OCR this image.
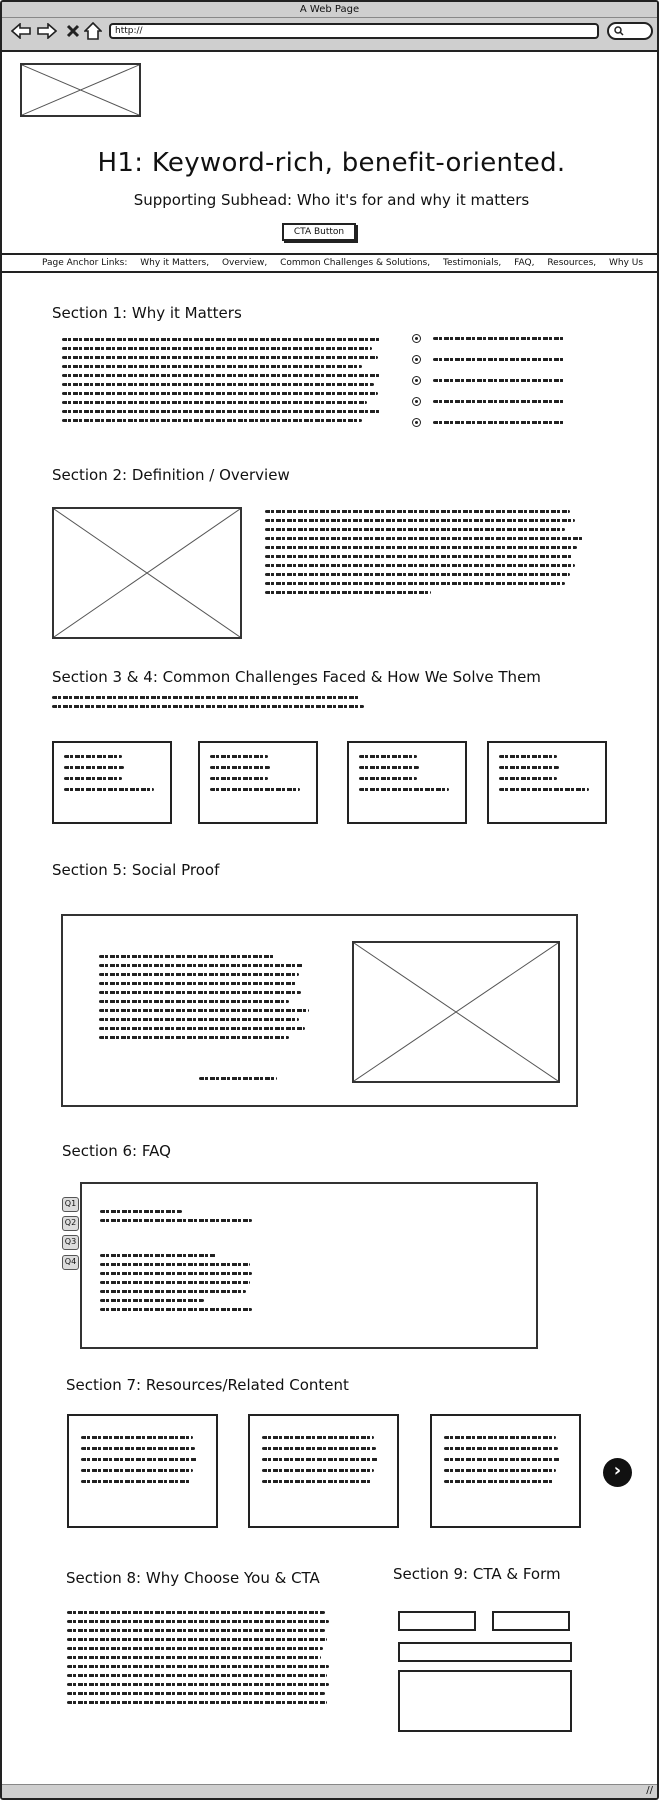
A Web Page
http://
H1: Keyword-rich, benefit-oriented.
Supporting Subhead: Who it's for and why it matters
CTA Button
Page Anchor Links: Why it Matters, Overview, Common Challenges & Solutions, Testimonials, FAQ, Resources, Why Us
Section 1: Why it Matters
Section 2: Definition / Overview
Section 3 & 4: Common Challenges Faced & How We Solve Them
Section 5: Social Proof
Section 6: FAQ
Q1
Q2
Q3
Q4
Section 7: Resources/Related Content
›
Section 8: Why Choose You & CTA	Section 9: CTA & Form
//
